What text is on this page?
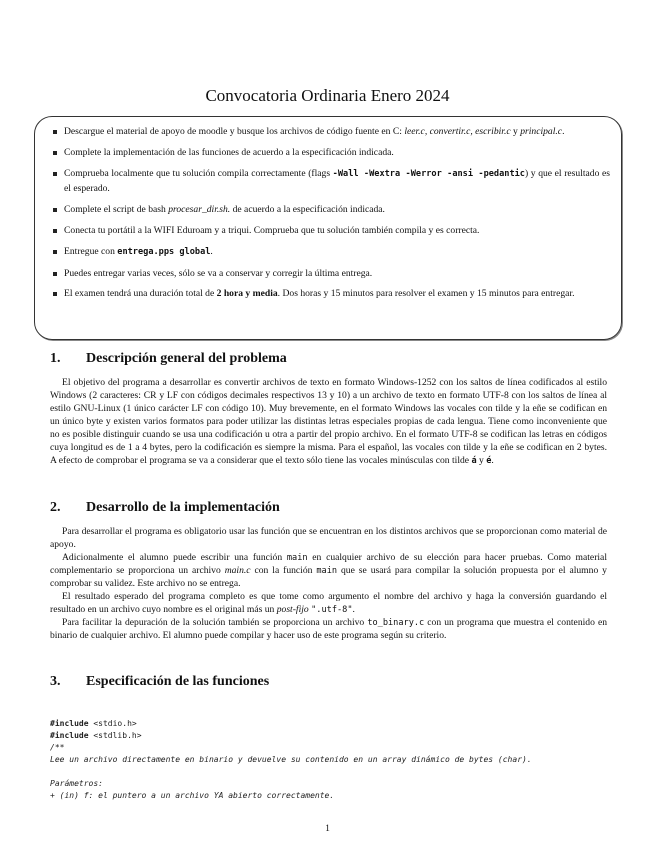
Convocatoria Ordinaria Enero 2024
Descargue el material de apoyo de moodle y busque los archivos de código fuente en C: leer.c, convertir.c, escribir.c y principal.c.
Complete la implementación de las funciones de acuerdo a la especificación indicada.
Comprueba localmente que tu solución compila correctamente (flags -Wall -Wextra -Werror -ansi -pedantic) y que el resultado es el esperado.
Complete el script de bash procesar_dir.sh. de acuerdo a la especificación indicada.
Conecta tu portátil a la WIFI Eduroam y a triqui. Comprueba que tu solución también compila y es correcta.
Entregue con entrega.pps global.
Puedes entregar varias veces, sólo se va a conservar y corregir la última entrega.
El examen tendrá una duración total de 2 hora y media. Dos horas y 15 minutos para resolver el examen y 15 minutos para entregar.
1. Descripción general del problema

El objetivo del programa a desarrollar es convertir archivos de texto en formato Windows-1252 con los saltos de línea codificados al estilo Windows (2 caracteres: CR y LF con códigos decimales respectivos 13 y 10) a un archivo de texto en formato UTF-8 con los saltos de línea al estilo GNU-Linux (1 único carácter LF con código 10). Muy brevemente, en el formato Windows las vocales con tilde y la eñe se codifican en un único byte y existen varios formatos para poder utilizar las distintas letras especiales propias de cada lengua. Tiene como inconveniente que no es posible distinguir cuando se usa una codificación u otra a partir del propio archivo. En el formato UTF-8 se codifican las letras en códigos cuya longitud es de 1 a 4 bytes, pero la codificación es siempre la misma. Para el español, las vocales con tilde y la eñe se codifican en 2 bytes. A efecto de comprobar el programa se va a considerar que el texto sólo tiene las vocales minúsculas con tilde á y é.

2. Desarrollo de la implementación

Para desarrollar el programa es obligatorio usar las función que se encuentran en los distintos archivos que se proporcionan como material de apoyo.

Adicionalmente el alumno puede escribir una función main en cualquier archivo de su elección para hacer pruebas. Como material complementario se proporciona un archivo main.c con la función main que se usará para compilar la solución propuesta por el alumno y comprobar su validez. Este archivo no se entrega.

El resultado esperado del programa completo es que tome como argumento el nombre del archivo y haga la conversión guardando el resultado en un archivo cuyo nombre es el original más un post-fijo ".utf-8".

Para facilitar la depuración de la solución también se proporciona un archivo to_binary.c con un programa que muestra el contenido en binario de cualquier archivo. El alumno puede compilar y hacer uso de este programa según su criterio.

3. Especificación de las funciones
#include <stdio.h>
#include <stdlib.h>
/**
Lee un archivo directamente en binario y devuelve su contenido en un array dinámico de bytes (char).

Parámetros:
+ (in) f: el puntero a un archivo YA abierto correctamente.
1
